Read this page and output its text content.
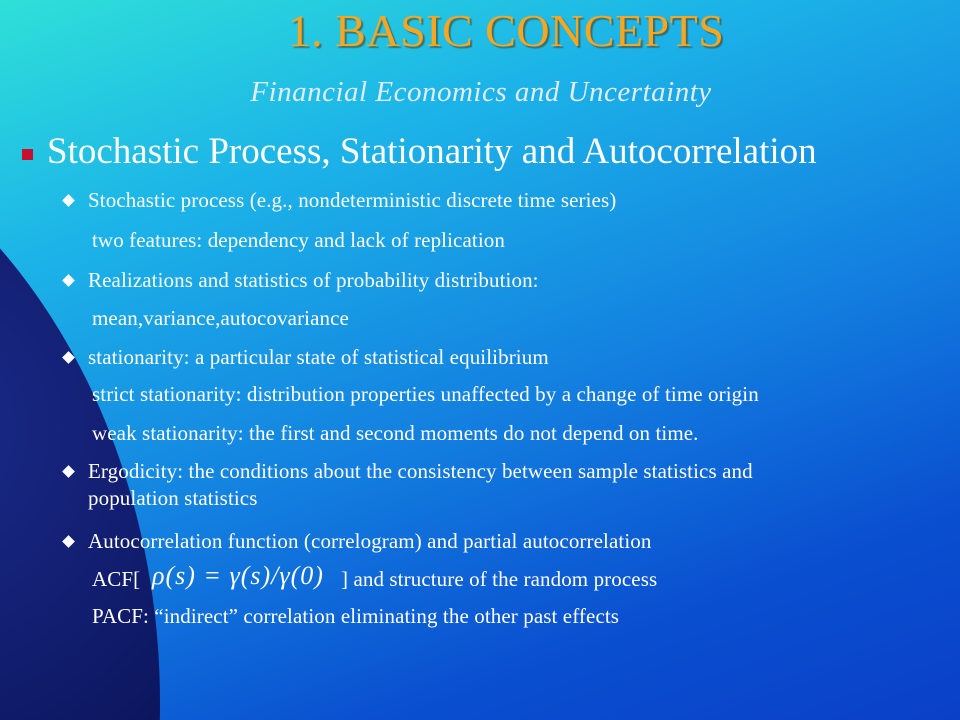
1. BASIC CONCEPTS
Financial Economics and Uncertainty
Stochastic Process, Stationarity and Autocorrelation
Stochastic process (e.g., nondeterministic discrete time series)
two features: dependency and lack of replication
Realizations and statistics of probability distribution:
mean,variance,autocovariance
stationarity: a particular state of statistical equilibrium
strict stationarity: distribution properties unaffected by a change of time origin
weak stationarity: the first and second moments do not depend on time.
Ergodicity: the conditions about the consistency between sample statistics and
population statistics
Autocorrelation function (correlogram) and partial autocorrelation
ACF[ ρ(s) = γ(s)/γ(0) ] and structure of the random process
PACF: “indirect” correlation eliminating the other past effects
